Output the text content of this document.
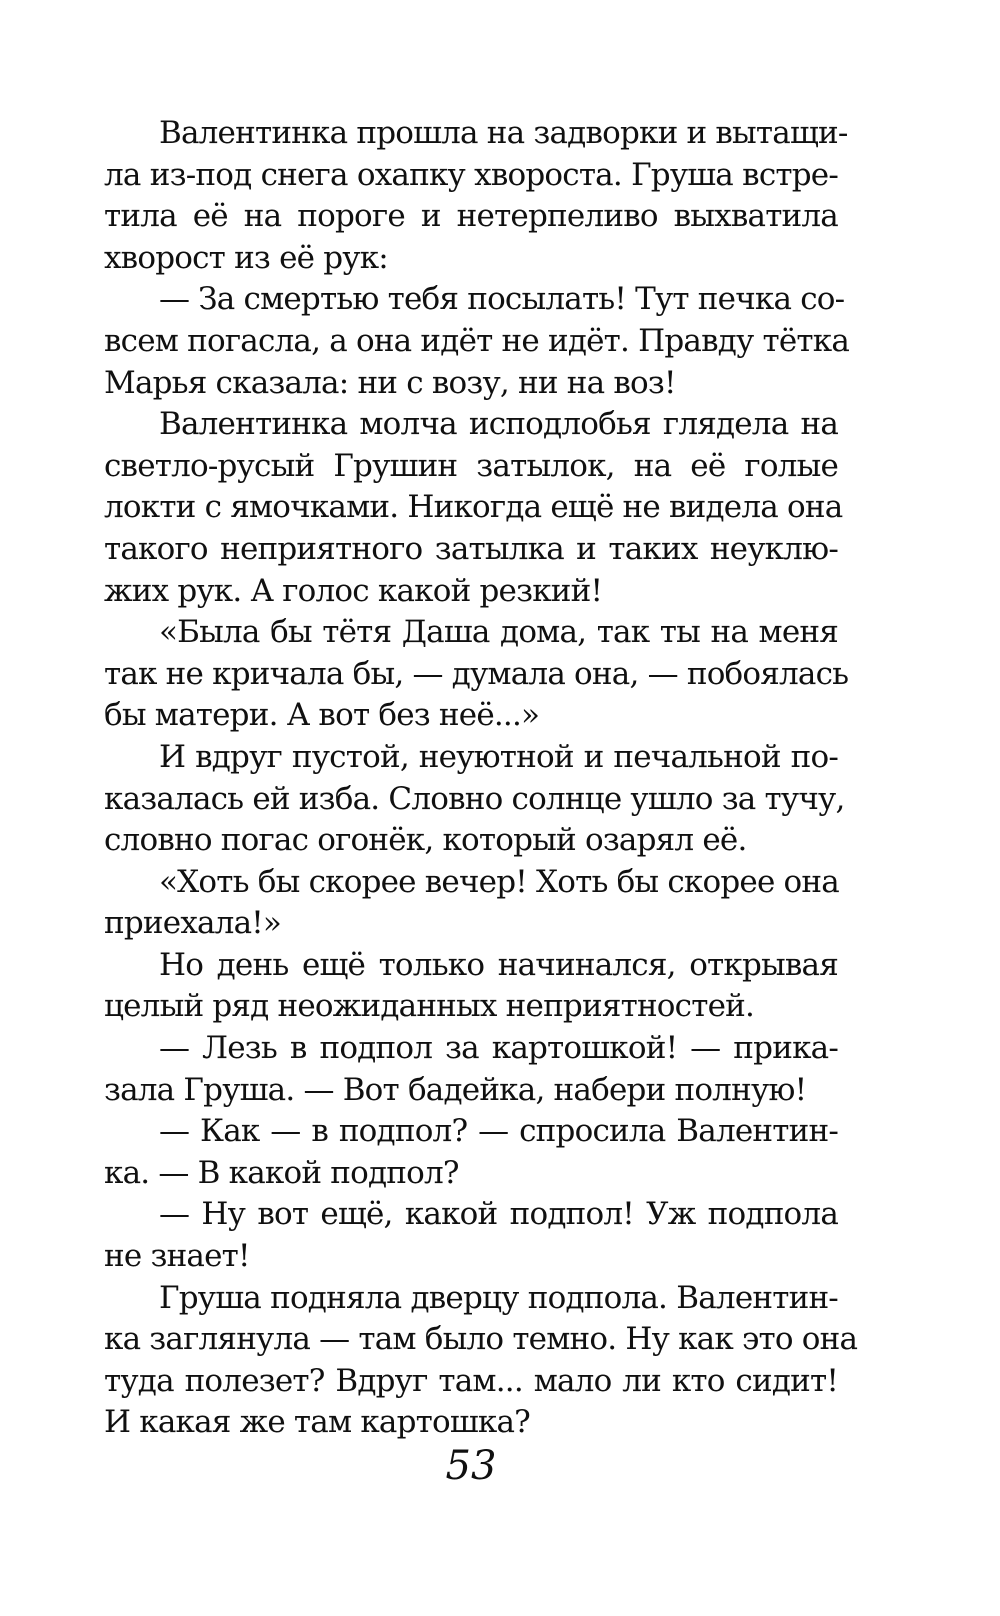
Валентинка прошла на задворки и вытащи-
ла из-под снега охапку хвороста. Груша встре-
тила её на пороге и нетерпеливо выхватила
хворост из её рук:
— За смертью тебя посылать! Тут печка со-
всем погасла, а она идёт не идёт. Правду тётка
Марья сказала: ни с возу, ни на воз!
Валентинка молча исподлобья глядела на
светло-русый Грушин затылок, на её голые
локти с ямочками. Никогда ещё не видела она
такого неприятного затылка и таких неуклю-
жих рук. А голос какой резкий!
«Была бы тётя Даша дома, так ты на меня
так не кричала бы, — думала она, — побоялась
бы матери. А вот без неё...»
И вдруг пустой, неуютной и печальной по-
казалась ей изба. Словно солнце ушло за тучу,
словно погас огонёк, который озарял её.
«Хоть бы скорее вечер! Хоть бы скорее она
приехала!»
Но день ещё только начинался, открывая
целый ряд неожиданных неприятностей.
— Лезь в подпол за картошкой! — прика-
зала Груша. — Вот бадейка, набери полную!
— Как — в подпол? — спросила Валентин-
ка. — В какой подпол?
— Ну вот ещё, какой подпол! Уж подпола
не знает!
Груша подняла дверцу подпола. Валентин-
ка заглянула — там было темно. Ну как это она
туда полезет? Вдруг там... мало ли кто сидит!
И какая же там картошка?
53
